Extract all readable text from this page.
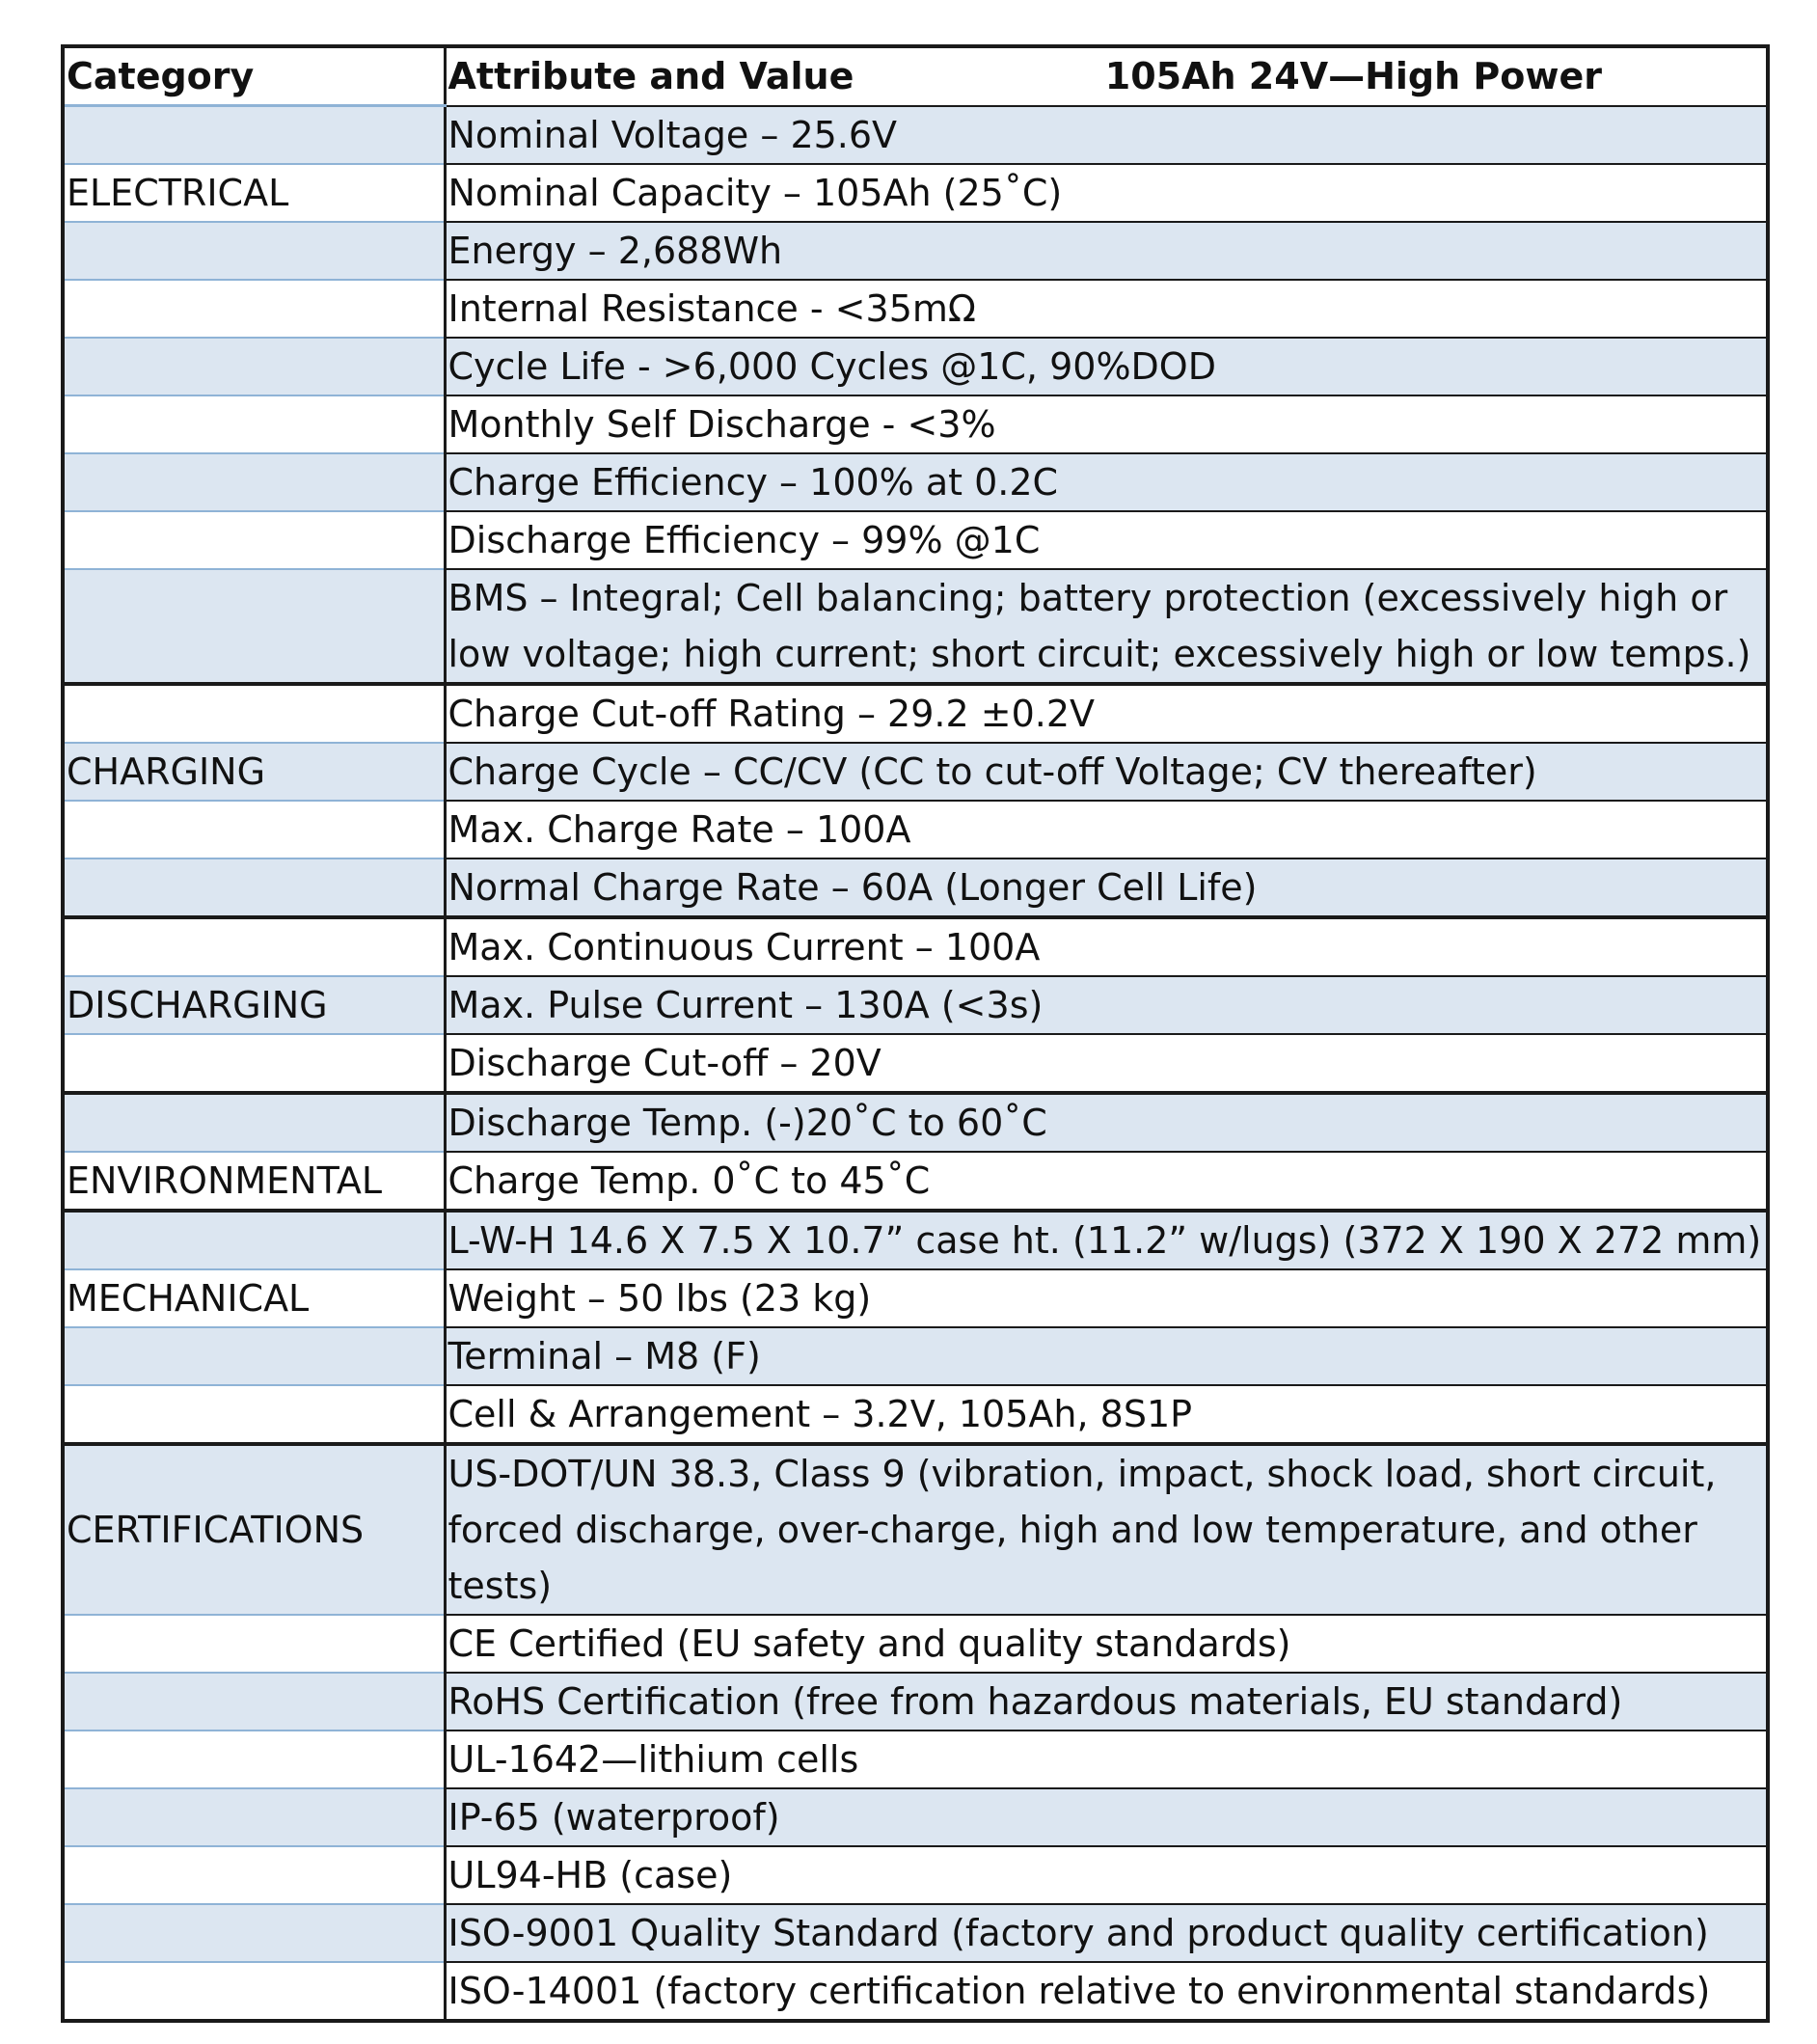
Category	Attribute and Value 105Ah 24V—High Power

	Nominal Voltage – 25.6V
ELECTRICAL	Nominal Capacity – 105Ah (25˚C)
	Energy – 2,688Wh
	Internal Resistance - <35mΩ
	Cycle Life - >6,000 Cycles @1C, 90%DOD
	Monthly Self Discharge - <3%
	Charge Efficiency – 100% at 0.2C
	Discharge Efficiency – 99% @1C
	BMS – Integral; Cell balancing; battery protection (excessively high or low voltage; high current; short circuit; excessively high or low temps.)
	Charge Cut-off Rating – 29.2 ±0.2V
CHARGING	Charge Cycle – CC/CV (CC to cut-off Voltage; CV thereafter)
	Max. Charge Rate – 100A
	Normal Charge Rate – 60A (Longer Cell Life)
	Max. Continuous Current – 100A
DISCHARGING	Max. Pulse Current – 130A (<3s)
	Discharge Cut-off – 20V
	Discharge Temp. (-)20˚C to 60˚C
ENVIRONMENTAL	Charge Temp. 0˚C to 45˚C
	L-W-H 14.6 X 7.5 X 10.7” case ht. (11.2” w/lugs) (372 X 190 X 272 mm)
MECHANICAL	Weight – 50 lbs (23 kg)
	Terminal – M8 (F)
	Cell & Arrangement – 3.2V, 105Ah, 8S1P
CERTIFICATIONS	US-DOT/UN 38.3, Class 9 (vibration, impact, shock load, short circuit, forced discharge, over-charge, high and low temperature, and other tests)
	CE Certified (EU safety and quality standards)
	RoHS Certification (free from hazardous materials, EU standard)
	UL-1642—lithium cells
	IP-65 (waterproof)
	UL94-HB (case)
	ISO-9001 Quality Standard (factory and product quality certification)
	ISO-14001 (factory certification relative to environmental standards)
